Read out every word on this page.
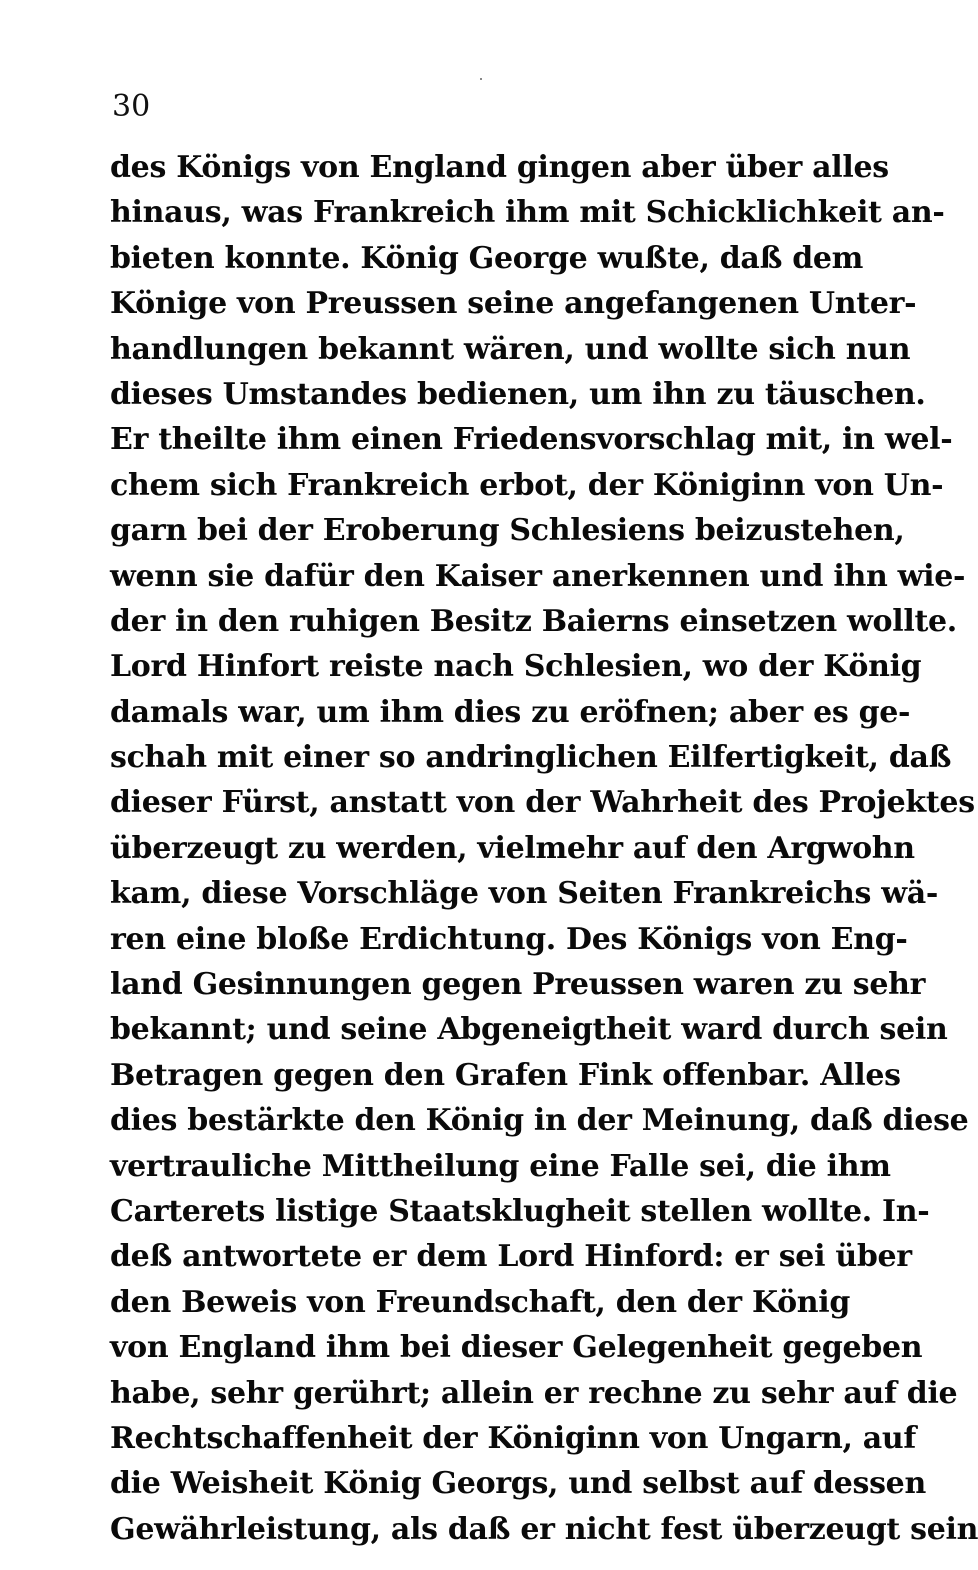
30
des Königs von England gingen aber über alles
hinaus, was Frankreich ihm mit Schicklichkeit an-
bieten konnte. König George wußte, daß dem
Könige von Preussen seine angefangenen Unter-
handlungen bekannt wären, und wollte sich nun
dieses Umstandes bedienen, um ihn zu täuschen.
Er theilte ihm einen Friedensvorschlag mit, in wel-
chem sich Frankreich erbot, der Königinn von Un-
garn bei der Eroberung Schlesiens beizustehen,
wenn sie dafür den Kaiser anerkennen und ihn wie-
der in den ruhigen Besitz Baierns einsetzen wollte.
Lord Hinfort reiste nach Schlesien, wo der König
damals war, um ihm dies zu eröfnen; aber es ge-
schah mit einer so andringlichen Eilfertigkeit, daß
dieser Fürst, anstatt von der Wahrheit des Projektes
überzeugt zu werden, vielmehr auf den Argwohn
kam, diese Vorschläge von Seiten Frankreichs wä-
ren eine bloße Erdichtung. Des Königs von Eng-
land Gesinnungen gegen Preussen waren zu sehr
bekannt; und seine Abgeneigtheit ward durch sein
Betragen gegen den Grafen Fink offenbar. Alles
dies bestärkte den König in der Meinung, daß diese
vertrauliche Mittheilung eine Falle sei, die ihm
Carterets listige Staatsklugheit stellen wollte. In-
deß antwortete er dem Lord Hinford: er sei über
den Beweis von Freundschaft, den der König
von England ihm bei dieser Gelegenheit gegeben
habe, sehr gerührt; allein er rechne zu sehr auf die
Rechtschaffenheit der Königinn von Ungarn, auf
die Weisheit König Georgs, und selbst auf dessen
Gewährleistung, als daß er nicht fest überzeugt sein
